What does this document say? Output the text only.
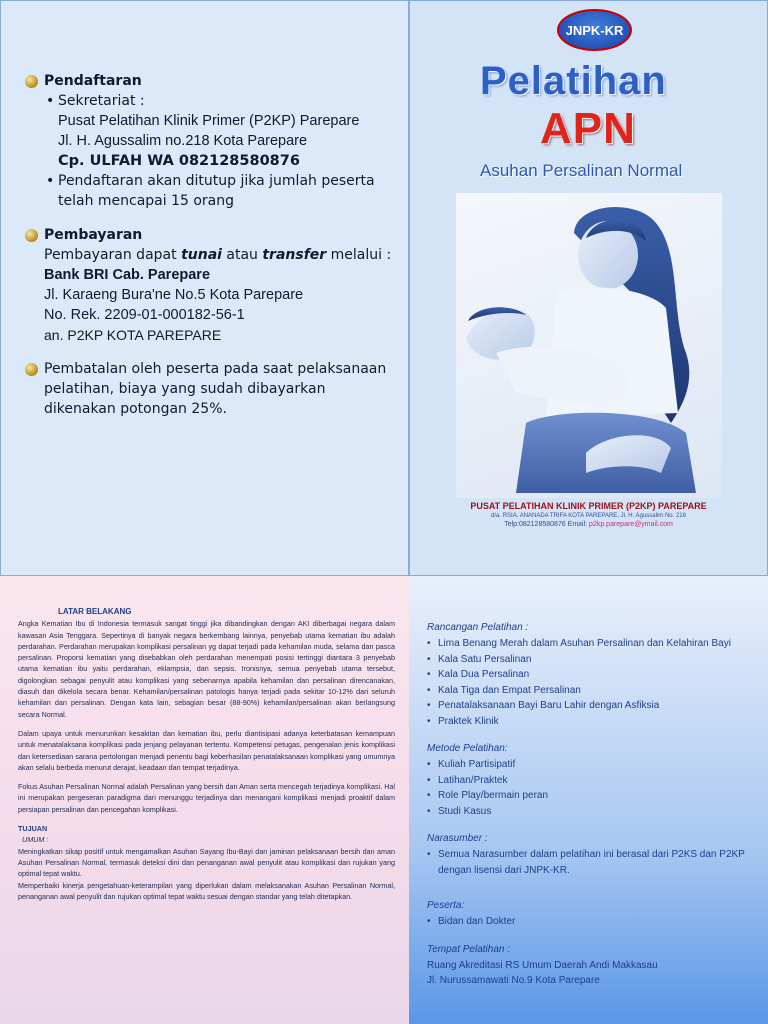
Pendaftaran
• Sekretariat :
Pusat Pelatihan Klinik Primer (P2KP) Parepare
Jl. H. Agussalim no.218 Kota Parepare
Cp. ULFAH WA 082128580876
• Pendaftaran akan ditutup jika jumlah peserta telah mencapai 15 orang
Pembayaran
Pembayaran dapat tunai atau transfer melalui :
Bank BRI Cab. Parepare
Jl. Karaeng Bura'ne No.5 Kota Parepare
No. Rek. 2209-01-000182-56-1
an. P2KP KOTA PAREPARE
Pembatalan oleh peserta pada saat pelaksanaan pelatihan, biaya yang sudah dibayarkan dikenakan potongan 25%.
JNPK-KR
Pelatihan
APN
Asuhan Persalinan Normal
PUSAT PELATIHAN KLINIK PRIMER (P2KP) PAREPARE
d/a. RSIA. ANANADA TRIFA KOTA PAREPARE, Jl. H. Agussalim No. 218
Telp:082128580876 Email: p2kp.parepare@ymail.com
LATAR BELAKANG

Angka Kematian Ibu di Indonesia termasuk sangat tinggi jika dibandingkan dengan AKI diberbagai negara dalam kawasan Asia Tenggara. Sepertinya di banyak negara berkembang lainnya, penyebab utama kematian ibu adalah perdarahan. Perdarahan merupakan komplikasi persalinan yg dapat terjadi pada kehamilan muda, selama dan pasca persalinan. Proporsi kematian yang disebabkan oleh perdarahan menempati posisi tertinggi diantara 3 penyebab utama kematian ibu yaitu perdarahan, eklampsia, dan sepsis. Ironisnya, semua penyebab utama tersebut, digolongkan sebagai penyulit atau komplikasi yang sebenarnya apabila kehamilan dan persalinan direncanakan, diasuh dan dikelola secara benar. Kehamilan/persalinan patologis hanya terjadi pada sekitar 10-12% dari seluruh kehamilan dan persalinan. Dengan kata lain, sebagian besar (88-90%) kehamilan/persalinan akan berlangsung secara Normal.

Dalam upaya untuk menurunkan kesakitan dan kematian ibu, perlu diantisipasi adanya keterbatasan kemampuan untuk menatalaksana komplikasi pada jenjang pelayanan tertentu. Kompetensi petugas, pengenalan jenis komplikasi dan ketersediaan sarana pertolongan menjadi penentu bagi keberhasilan penatalaksanaan komplikasi yang umumnya akan selalu berbeda menurut derajat, keadaan dan tempat terjadinya.

Fokus Asuhan Persalinan Normal adalah Persalinan yang bersih dan Aman serta mencegah terjadinya komplikasi. Hal ini merupakan pergeseran paradigma dari menunggu terjadinya dan menangani komplikasi menjadi proaktif dalam persiapan persalinan dan pencegahan komplikasi.

TUJUAN
UMUM :

Meningkatkan sikap positif untuk mengamalkan Asuhan Sayang Ibu-Bayi dan jaminan pelaksanaan bersih dan aman Asuhan Persalinan Normal, termasuk deteksi dini dan penanganan awal penyulit atau komplikasi dan rujukan yang optimal tepat waktu.

Memperbaiki kinerja pengetahuan-keterampilan yang diperlukan dalam melaksanakan Asuhan Persalinan Normal, penanganan awal penyulit dan rujukan optimal tepat waktu sesuai dengan standar yang telah ditetapkan.

Rancangan Pelatihan :
• Lima Benang Merah dalam Asuhan Persalinan dan Kelahiran Bayi
• Kala Satu Persalinan
• Kala Dua Persalinan
• Kala Tiga dan Empat Persalinan
• Penatalaksanaan Bayi Baru Lahir dengan Asfiksia
• Praktek Klinik
Metode Pelatihan:
• Kuliah Partisipatif
• Latihan/Praktek
• Role Play/bermain peran
• Studi Kasus
Narasumber :
• Semua Narasumber dalam pelatihan ini berasal dari P2KS dan P2KP dengan lisensi dari JNPK-KR.
Peserta:
• Bidan dan Dokter
Tempat Pelatihan :
Ruang Akreditasi RS Umum Daerah Andi Makkasau
Jl. Nurussamawati No.9 Kota Parepare
